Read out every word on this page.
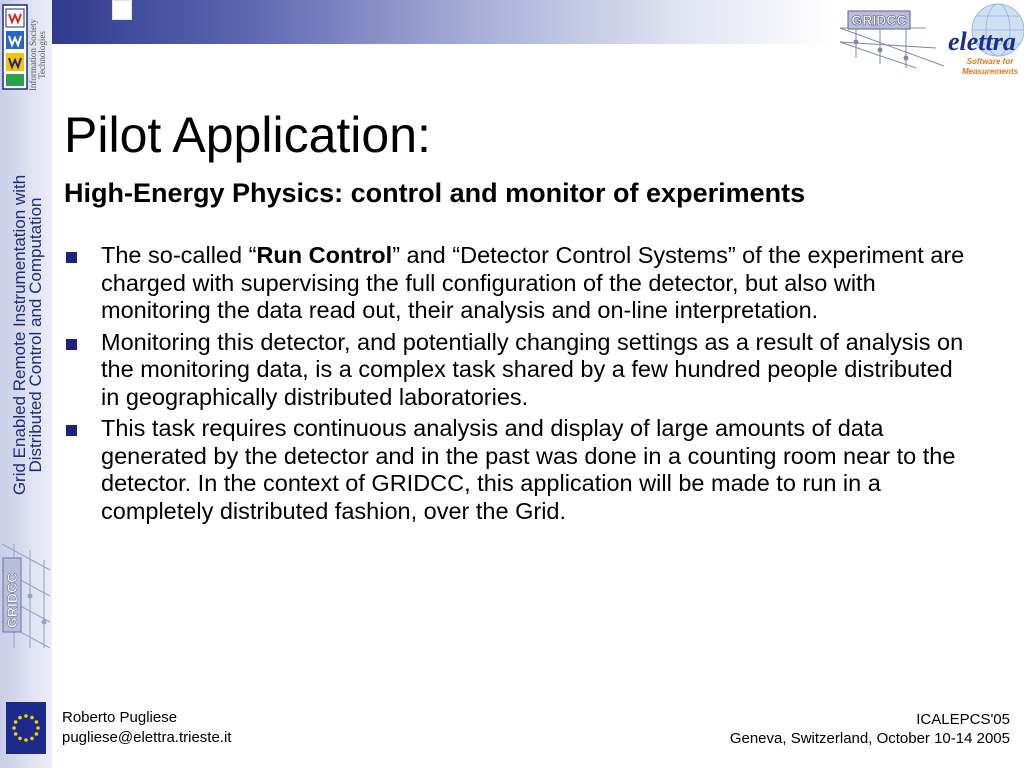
Information Society Technologies
Grid Enabled Remote Instrumentation with
Distributed Control and Computation
GRIDCC
GRIDCC
elettra
Software for
Measurements
Pilot Application:
High-Energy Physics: control and monitor of experiments
The so-called “Run Control” and “Detector Control Systems” of the experiment are charged with supervising the full configuration of the detector, but also with monitoring the data read out, their analysis and on-line interpretation.
Monitoring this detector, and potentially changing settings as a result of analysis on the monitoring data, is a complex task shared by a few hundred people distributed in geographically distributed laboratories.
This task requires continuous analysis and display of large amounts of data generated by the detector and in the past was done in a counting room near to the detector. In the context of GRIDCC, this application will be made to run in a completely distributed fashion, over the Grid.
Roberto Pugliese
pugliese@elettra.trieste.it
ICALEPCS'05
Geneva, Switzerland, October 10-14 2005
